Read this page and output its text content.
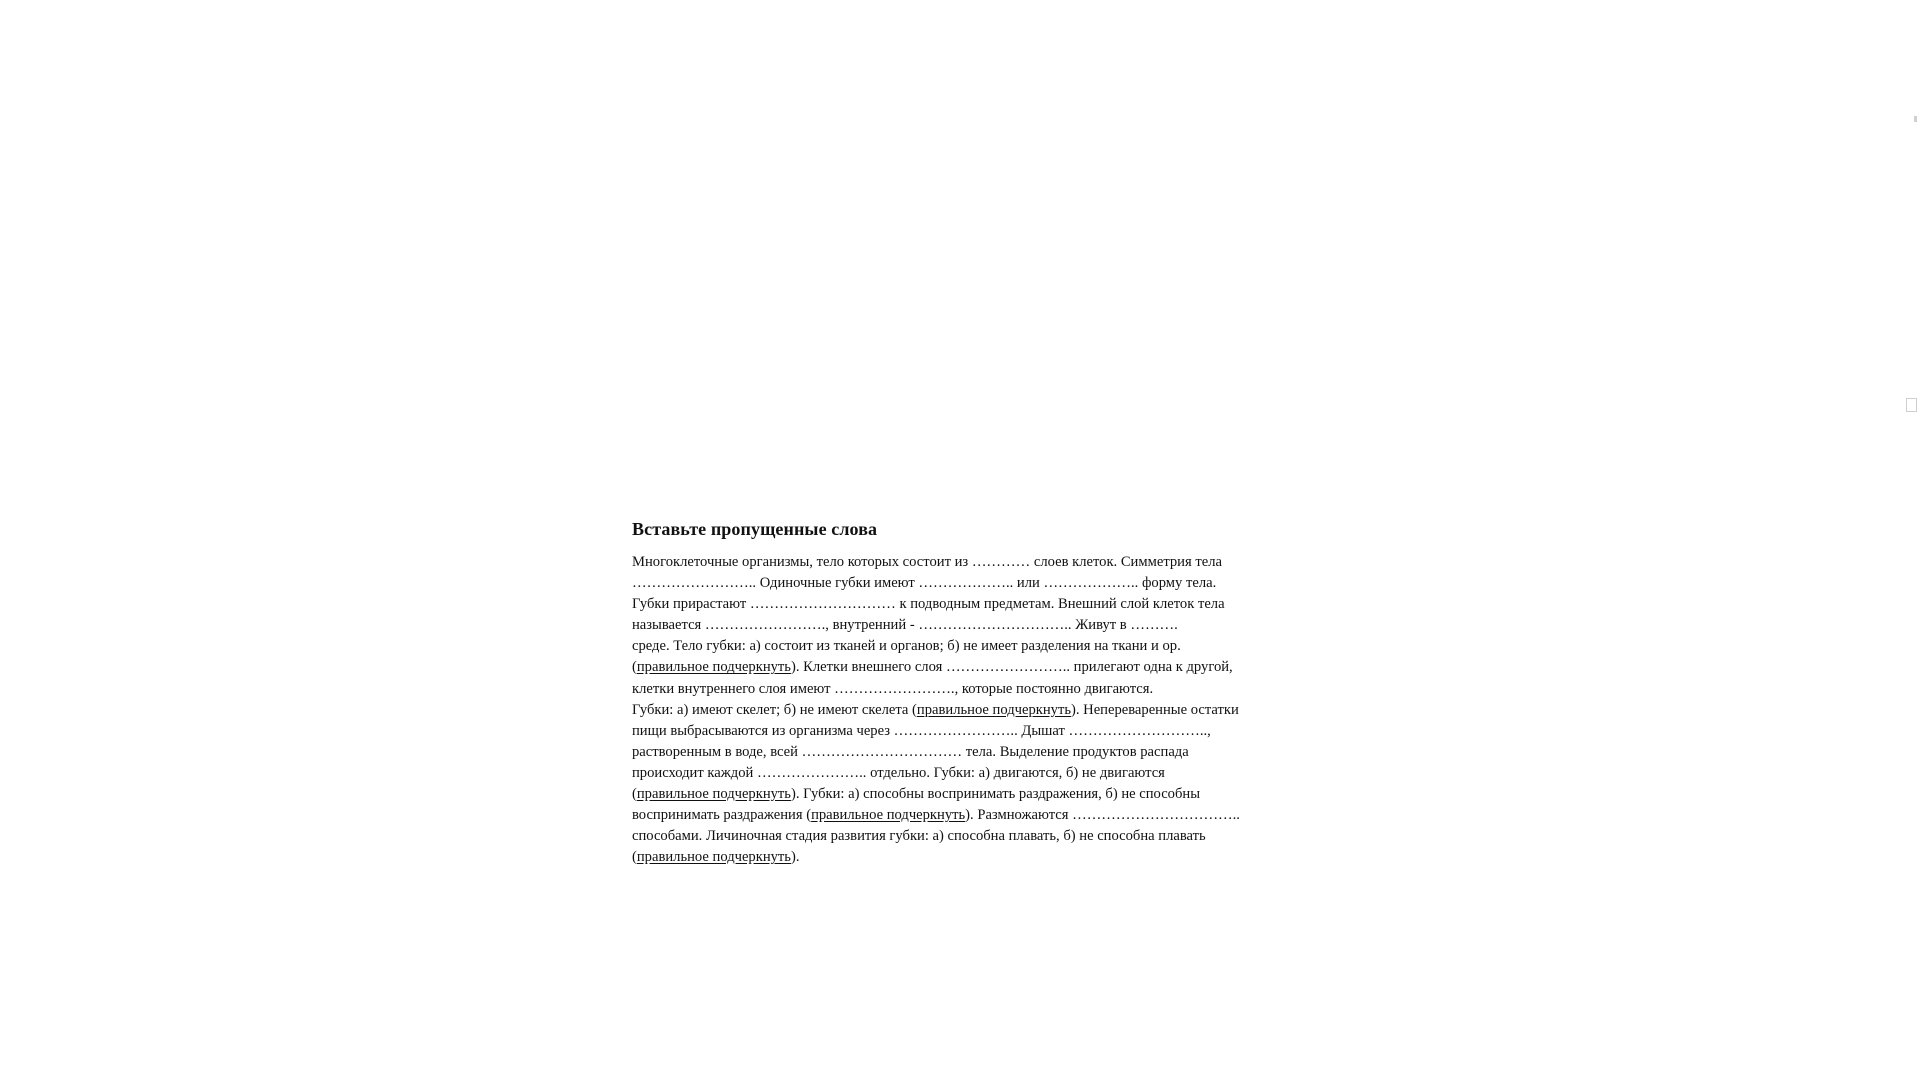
Вставьте пропущенные слова
Многоклеточные организмы, тело которых состоит из ………… слоев клеток. Симметрия тела
…………………….. Одиночные губки имеют ……………….. или ……………….. форму тела.
Губки прирастают ………………………… к подводным предметам. Внешний слой клеток тела
называется ……………………., внутренний - ………………………….. Живут в ……….
среде. Тело губки: а) состоит из тканей и органов; б) не имеет разделения на ткани и ор.
(правильное подчеркнуть). Клетки внешнего слоя …………………….. прилегают одна к другой,
клетки внутреннего слоя имеют ……………………., которые постоянно двигаются.
Губки: а) имеют скелет; б) не имеют скелета (правильное подчеркнуть). Непереваренные остатки
пищи выбрасываются из организма через …………………….. Дышат ………………………..,
растворенным в воде, всей …………………………… тела. Выделение продуктов распада
происходит каждой ………………….. отдельно. Губки: а) двигаются, б) не двигаются
(правильное подчеркнуть). Губки: а) способны воспринимать раздражения, б) не способны
воспринимать раздражения (правильное подчеркнуть). Размножаются ……………………………..
способами. Личиночная стадия развития губки: а) способна плавать, б) не способна плавать
(правильное подчеркнуть).
